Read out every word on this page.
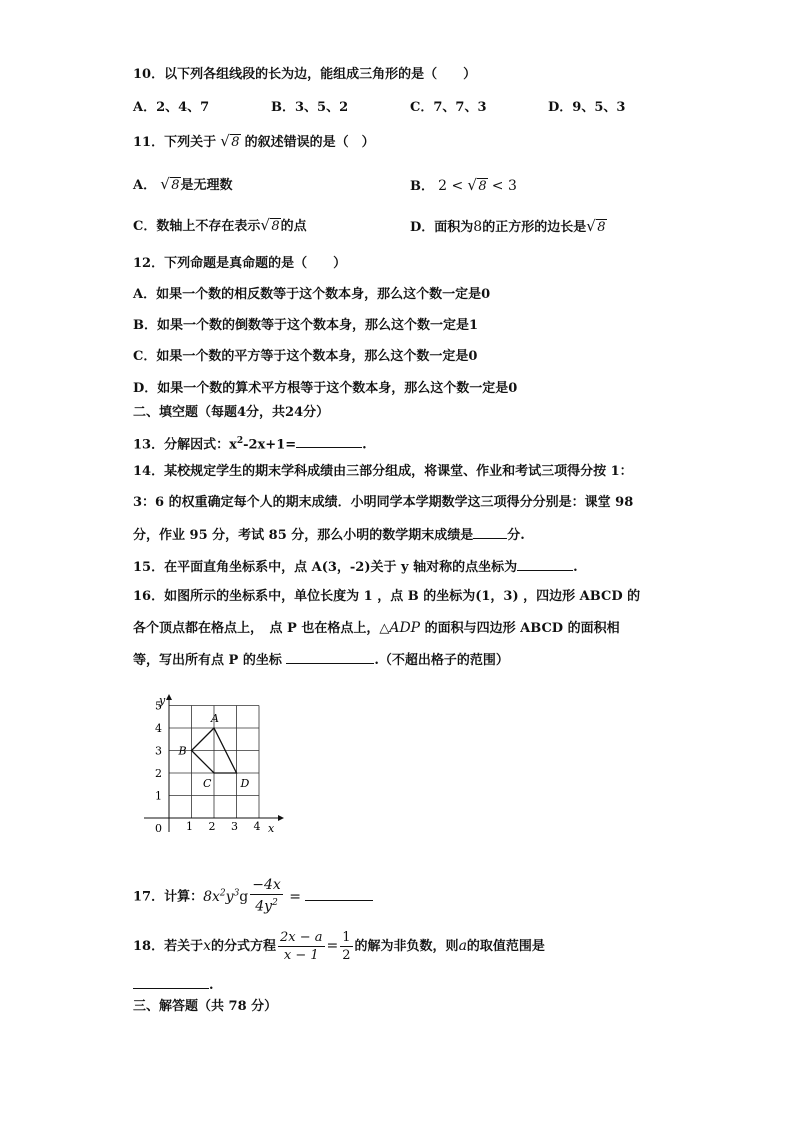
10．以下列各组线段的长为边，能组成三角形的是（　　）
A．2、4、7	B．3、5、2	C．7、7、3	D．9、5、3
11．下列关于 √ 8 的叙述错误的是（　）
A． √ 8是无理数	B． 2 < √ 8 < 3
C．数轴上不存在表示 √ 8的点	D．面积为8的正方形的边长是 √ 8
12．下列命题是真命题的是（　　）
A．如果一个数的相反数等于这个数本身，那么这个数一定是0
B．如果一个数的倒数等于这个数本身，那么这个数一定是1
C．如果一个数的平方等于这个数本身，那么这个数一定是0
D．如果一个数的算术平方根等于这个数本身，那么这个数一定是0
二、填空题（每题4分，共24分）
13．分解因式：$x^2-2x+1=$	.
14．某校规定学生的期末学科成绩由三部分组成，将课堂、作业和考试三项得分按 1：
3：6 的权重确定每个人的期末成绩．小明同学本学期数学这三项得分分别是：课堂 98
分，作业 95 分，考试 85 分，那么小明的数学期末成绩是	分.
15．在平面直角坐标系中，点 A(3，-2)关于 y 轴对称的点坐标为	.
16．如图所示的坐标系中，单位长度为 1 ，点 B 的坐标为(1，3) ，四边形 ABCD 的
各个顶点都在格点上，　点 P 也在格点上，△ADP 的面积与四边形 ABCD 的面积相
等，写出所有点 P 的坐标	.（不超出格子的范围）
y
x
0 1 2 3 4
1
2
3
4
5
A
B
C	D
17．计算：$8x^2y^3g \frac{-4x}{4y^2}$ =
18．若关于x的分式方程 $\frac{2x - a}{x - 1} = \frac{1}{2}$ 的解为非负数，则a的取值范围是
.
三、解答题（共 78 分）
